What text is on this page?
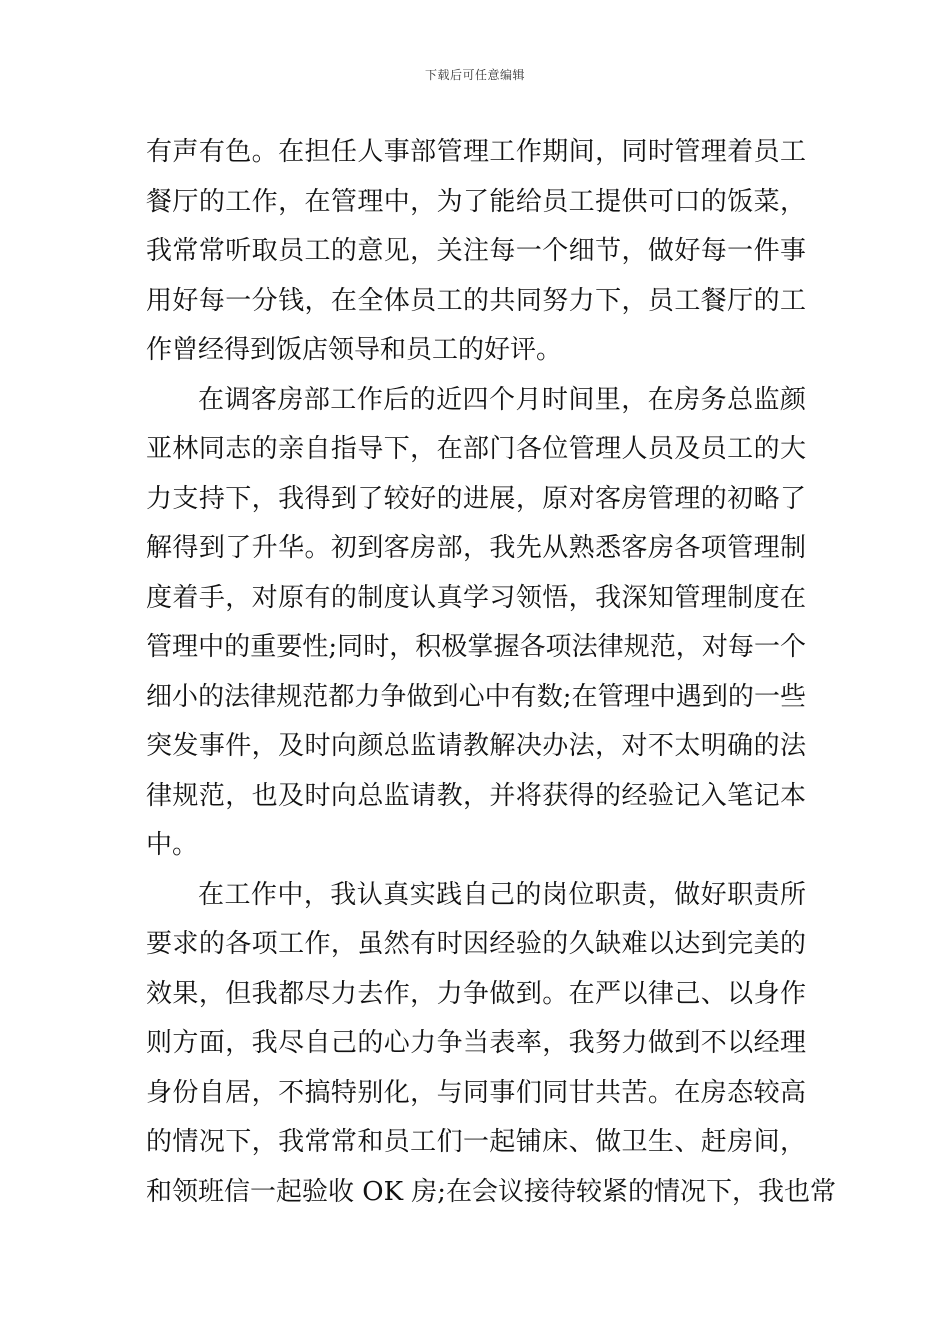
下载后可任意编辑

有声有色。在担任人事部管理工作期间，同时管理着员工
餐厅的工作，在管理中，为了能给员工提供可口的饭菜，
我常常听取员工的意见，关注每一个细节，做好每一件事
用好每一分钱，在全体员工的共同努力下，员工餐厅的工
作曾经得到饭店领导和员工的好评。

在调客房部工作后的近四个月时间里，在房务总监颜
亚林同志的亲自指导下，在部门各位管理人员及员工的大
力支持下，我得到了较好的进展，原对客房管理的初略了
解得到了升华。初到客房部，我先从熟悉客房各项管理制
度着手，对原有的制度认真学习领悟，我深知管理制度在
管理中的重要性;同时，积极掌握各项法律规范，对每一个
细小的法律规范都力争做到心中有数;在管理中遇到的一些
突发事件，及时向颜总监请教解决办法，对不太明确的法
律规范，也及时向总监请教，并将获得的经验记入笔记本
中。

在工作中，我认真实践自己的岗位职责，做好职责所
要求的各项工作，虽然有时因经验的久缺难以达到完美的
效果，但我都尽力去作，力争做到。在严以律己、以身作
则方面，我尽自己的心力争当表率，我努力做到不以经理
身份自居，不搞特别化，与同事们同甘共苦。在房态较高
的情况下，我常常和员工们一起铺床、做卫生、赶房间，
和领班信一起验收 OK 房;在会议接待较紧的情况下，我也常
